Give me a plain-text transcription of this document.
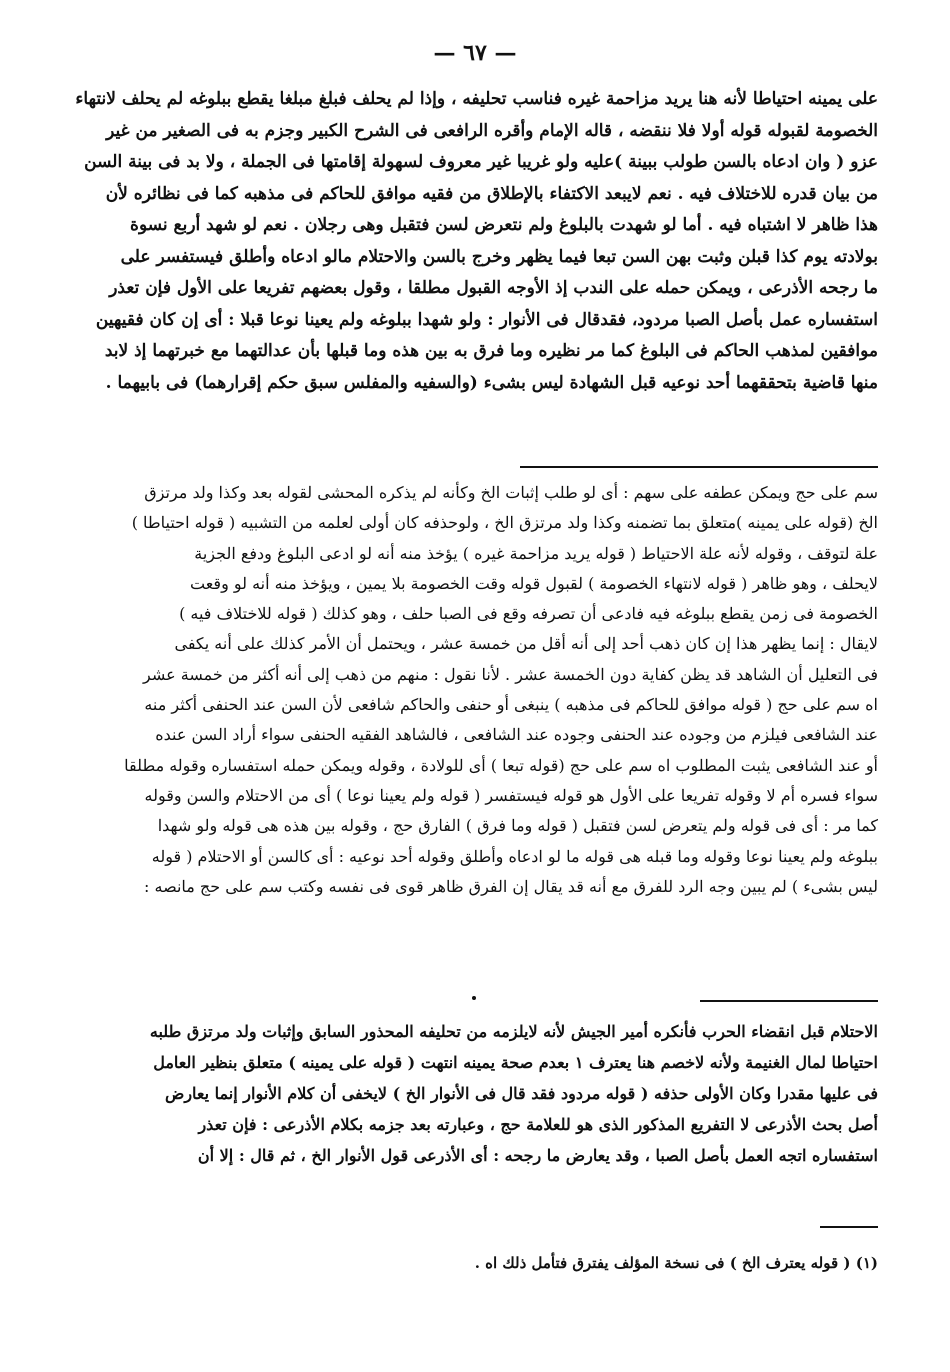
— ٦٧ —
على يمينه احتياطا لأنه هنا يريد مزاحمة غيره فناسب تحليفه ، وإذا لم يحلف فبلغ مبلغا يقطع ببلوغه لم يحلف لانتهاء
الخصومة لقبوله قوله أولا فلا ننقضه ، قاله الإمام وأقره الرافعى فى الشرح الكبير وجزم به فى الصغير من غير
عزو ( وان ادعاه بالسن طولب ببينة )عليه ولو غريبا غير معروف لسهولة إقامتها فى الجملة ، ولا بد فى بينة السن
من بيان قدره للاختلاف فيه . نعم لايبعد الاكتفاء بالإطلاق من فقيه موافق للحاكم فى مذهبه كما فى نظائره لأن
هذا ظاهر لا اشتباه فيه . أما لو شهدت بالبلوغ ولم نتعرض لسن فتقبل وهى رجلان . نعم لو شهد أربع نسوة
بولادته يوم كذا قبلن وثبت بهن السن تبعا فيما يظهر وخرج بالسن والاحتلام مالو ادعاه وأطلق فيستفسر على
ما رجحه الأذرعى ، ويمكن حمله على الندب إذ الأوجه القبول مطلقا ، وقول بعضهم تفريعا على الأول فإن تعذر
استفساره عمل بأصل الصبا مردود، فقدقال فى الأنوار : ولو شهدا ببلوغه ولم يعينا نوعا قبلا : أى إن كان فقيهين
موافقين لمذهب الحاكم فى البلوغ كما مر نظيره وما فرق به بين هذه وما قبلها بأن عدالتهما مع خبرتهما إذ لابد
منها قاضية بتحققهما أحد نوعيه قبل الشهادة ليس بشىء (والسفيه والمفلس سبق حكم إقرارهما) فى بابيهما .
سم على حج ويمكن عطفه على سهم : أى لو طلب إثبات الخ وكأنه لم يذكره المحشى لقوله بعد وكذا ولد مرتزق
الخ (قوله على يمينه )متعلق بما تضمنه وكذا ولد مرتزق الخ ، ولوحذفه كان أولى لعلمه من التشبيه ( قوله احتياطا )
علة لتوقف ، وقوله لأنه علة الاحتياط ( قوله يريد مزاحمة غيره ) يؤخذ منه أنه لو ادعى البلوغ ودفع الجزية
لايحلف ، وهو ظاهر ( قوله لانتهاء الخصومة ) لقبول قوله وقت الخصومة بلا يمين ، ويؤخذ منه أنه لو وقعت
الخصومة فى زمن يقطع ببلوغه فيه فادعى أن تصرفه وقع فى الصبا حلف ، وهو كذلك ( قوله للاختلاف فيه )
لايقال : إنما يظهر هذا إن كان ذهب أحد إلى أنه أقل من خمسة عشر ، ويحتمل أن الأمر كذلك على أنه يكفى
فى التعليل أن الشاهد قد يظن كفاية دون الخمسة عشر . لأنا نقول : منهم من ذهب إلى أنه أكثر من خمسة عشر
اه سم على حج ( قوله موافق للحاكم فى مذهبه ) ينبغى أو حنفى والحاكم شافعى لأن السن عند الحنفى أكثر منه
عند الشافعى فيلزم من وجوده عند الحنفى وجوده عند الشافعى ، فالشاهد الفقيه الحنفى سواء أراد السن عنده
أو عند الشافعى يثبت المطلوب اه سم على حج (قوله تبعا ) أى للولادة ، وقوله ويمكن حمله استفساره وقوله مطلقا
سواء فسره أم لا وقوله تفريعا على الأول هو قوله فيستفسر ( قوله ولم يعينا نوعا ) أى من الاحتلام والسن وقوله
كما مر : أى فى قوله ولم يتعرض لسن فتقبل ( قوله وما فرق ) الفارق حج ، وقوله بين هذه هى قوله ولو شهدا
ببلوغه ولم يعينا نوعا وقوله وما قبله هى قوله ما لو ادعاه وأطلق وقوله أحد نوعيه : أى كالسن أو الاحتلام ( قوله
ليس بشىء ) لم يبين وجه الرد للفرق مع أنه قد يقال إن الفرق ظاهر قوى فى نفسه وكتب سم على حج مانصه :
الاحتلام قبل انقضاء الحرب فأنكره أمير الجيش لأنه لايلزمه من تحليفه المحذور السابق وإثبات ولد مرتزق طلبه
احتياطا لمال الغنيمة ولأنه لاخصم هنا يعترف ١ بعدم صحة يمينه انتهت ( قوله على يمينه ) متعلق بنظير العامل
فى عليها مقدرا وكان الأولى حذفه ( قوله مردود فقد قال فى الأنوار الخ ) لايخفى أن كلام الأنوار إنما يعارض
أصل بحث الأذرعى لا التفريع المذكور الذى هو للعلامة حج ، وعبارته بعد جزمه بكلام الأذرعى : فإن تعذر
استفساره اتجه العمل بأصل الصبا ، وقد يعارض ما رجحه : أى الأذرعى قول الأنوار الخ ، ثم قال : إلا أن
(١) ( قوله يعترف الخ ) فى نسخة المؤلف يفترق فتأمل ذلك اه .
